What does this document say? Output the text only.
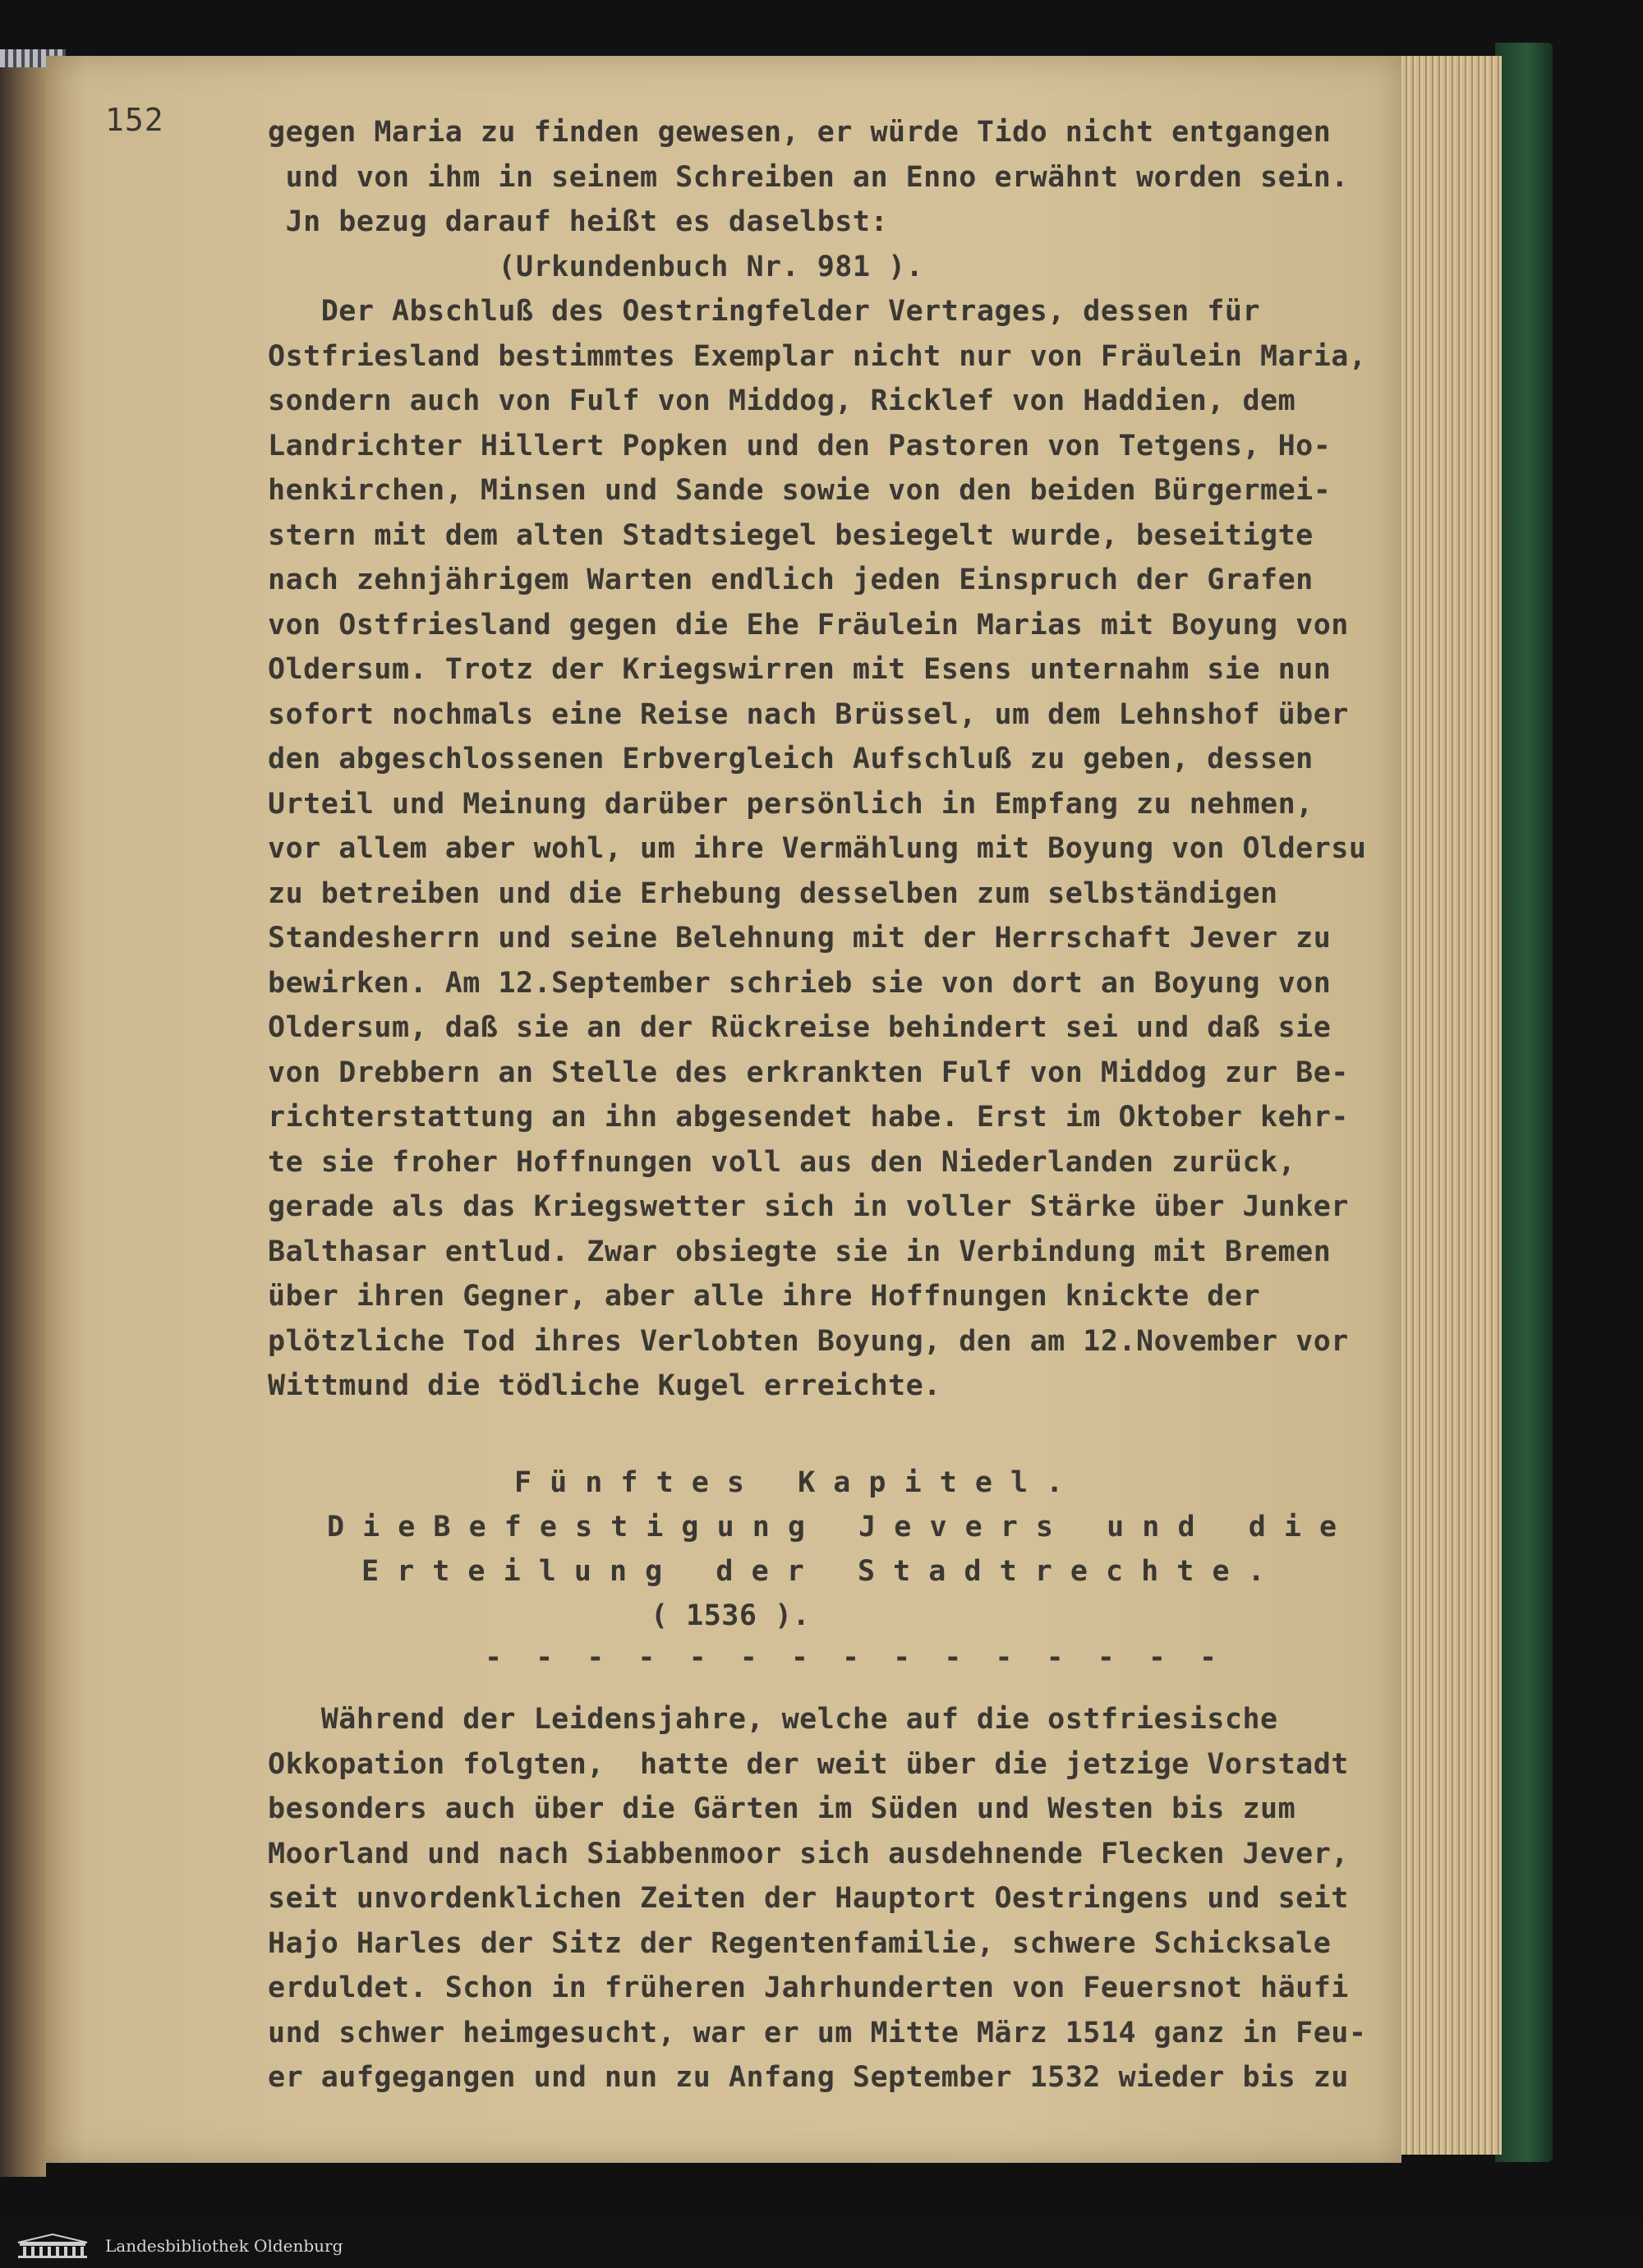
152	gegen Maria zu finden gewesen, er würde Tido nicht entgangen
und von ihm in seinem Schreiben an Enno erwähnt worden sein.
Jn bezug darauf heißt es daselbst:
(Urkundenbuch Nr. 981 ).
Der Abschluß des Oestringfelder Vertrages, dessen für
Ostfriesland bestimmtes Exemplar nicht nur von Fräulein Maria,
sondern auch von Fulf von Middog, Ricklef von Haddien, dem
Landrichter Hillert Popken und den Pastoren von Tetgens, Ho-
henkirchen, Minsen und Sande sowie von den beiden Bürgermei-
stern mit dem alten Stadtsiegel besiegelt wurde, beseitigte
nach zehnjährigem Warten endlich jeden Einspruch der Grafen
von Ostfriesland gegen die Ehe Fräulein Marias mit Boyung von
Oldersum. Trotz der Kriegswirren mit Esens unternahm sie nun
sofort nochmals eine Reise nach Brüssel, um dem Lehnshof über
den abgeschlossenen Erbvergleich Aufschluß zu geben, dessen
Urteil und Meinung darüber persönlich in Empfang zu nehmen,
vor allem aber wohl, um ihre Vermählung mit Boyung von Oldersu
zu betreiben und die Erhebung desselben zum selbständigen
Standesherrn und seine Belehnung mit der Herrschaft Jever zu
bewirken. Am 12.September schrieb sie von dort an Boyung von
Oldersum, daß sie an der Rückreise behindert sei und daß sie
von Drebbern an Stelle des erkrankten Fulf von Middog zur Be-
richterstattung an ihn abgesendet habe. Erst im Oktober kehr-
te sie froher Hoffnungen voll aus den Niederlanden zurück,
gerade als das Kriegswetter sich in voller Stärke über Junker
Balthasar entlud. Zwar obsiegte sie in Verbindung mit Bremen
über ihren Gegner, aber alle ihre Hoffnungen knickte der
plötzliche Tod ihres Verlobten Boyung, den am 12.November vor
Wittmund die tödliche Kugel erreichte.
F ü n f t e s   K a p i t e l .
D i e B e f e s t i g u n g   J e v e r s   u n d   d i e
E r t e i l u n g   d e r   S t a d t r e c h t e .
( 1536 ).
- - - - - - - - - - - - - - -
Während der Leidensjahre, welche auf die ostfriesische
Okkopation folgten,  hatte der weit über die jetzige Vorstadt
besonders auch über die Gärten im Süden und Westen bis zum
Moorland und nach Siabbenmoor sich ausdehnende Flecken Jever,
seit unvordenklichen Zeiten der Hauptort Oestringens und seit
Hajo Harles der Sitz der Regentenfamilie, schwere Schicksale
erduldet. Schon in früheren Jahrhunderten von Feuersnot häufi
und schwer heimgesucht, war er um Mitte März 1514 ganz in Feu-
er aufgegangen und nun zu Anfang September 1532 wieder bis zu
Landesbibliothek Oldenburg
